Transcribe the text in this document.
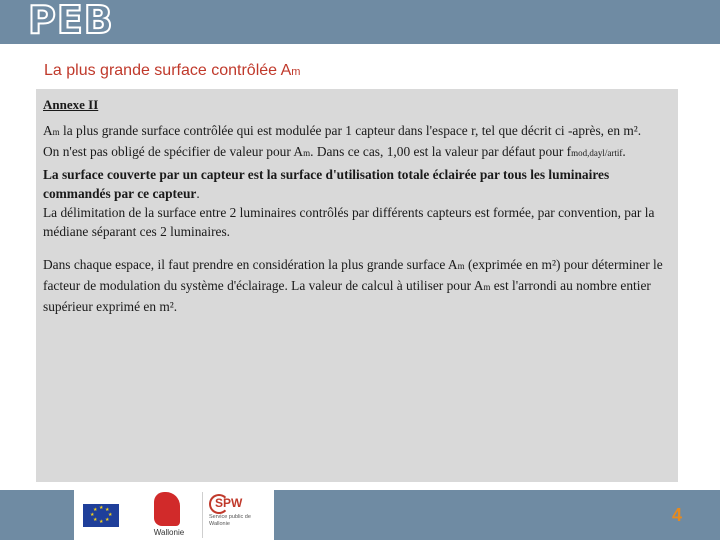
PEB
La plus grande surface contrôlée Am
Annexe II

Am la plus grande surface contrôlée qui est modulée par 1 capteur dans l'espace r, tel que décrit ci -après, en m².

On n'est pas obligé de spécifier de valeur pour Am. Dans ce cas, 1,00 est la valeur par défaut pour fmod,dayl/artif.

La surface couverte par un capteur est la surface d'utilisation totale éclairée par tous les luminaires commandés par ce capteur.

La délimitation de la surface entre 2 luminaires contrôlés par différents capteurs est formée, par convention, par la médiane séparant ces 2 luminaires.

Dans chaque espace, il faut prendre en considération la plus grande surface Am (exprimée en m²) pour déterminer le facteur de modulation du système d'éclairage. La valeur de calcul à utiliser pour Am est l'arrondi au nombre entier supérieur exprimé en m².

★ ★
★
★
★
★
★
★
Wallonie
SPW
Service public de Wallonie	4
